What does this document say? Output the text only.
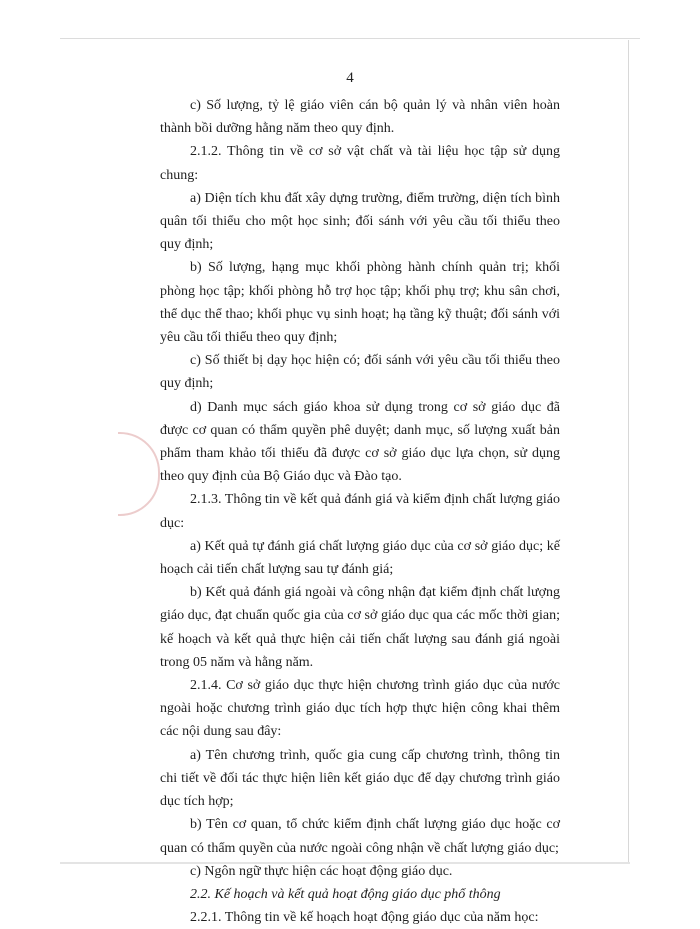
4

c) Số lượng, tỷ lệ giáo viên cán bộ quản lý và nhân viên hoàn thành bồi dưỡng hằng năm theo quy định.

2.1.2. Thông tin về cơ sở vật chất và tài liệu học tập sử dụng chung:

a) Diện tích khu đất xây dựng trường, điểm trường, diện tích bình quân tối thiểu cho một học sinh; đối sánh với yêu cầu tối thiểu theo quy định;

b) Số lượng, hạng mục khối phòng hành chính quản trị; khối phòng học tập; khối phòng hỗ trợ học tập; khối phụ trợ; khu sân chơi, thể dục thể thao; khối phục vụ sinh hoạt; hạ tầng kỹ thuật; đối sánh với yêu cầu tối thiểu theo quy định;

c) Số thiết bị dạy học hiện có; đối sánh với yêu cầu tối thiểu theo quy định;

d) Danh mục sách giáo khoa sử dụng trong cơ sở giáo dục đã được cơ quan có thẩm quyền phê duyệt; danh mục, số lượng xuất bản phẩm tham khảo tối thiểu đã được cơ sở giáo dục lựa chọn, sử dụng theo quy định của Bộ Giáo dục và Đào tạo.

2.1.3. Thông tin về kết quả đánh giá và kiểm định chất lượng giáo dục:

a) Kết quả tự đánh giá chất lượng giáo dục của cơ sở giáo dục; kế hoạch cải tiến chất lượng sau tự đánh giá;

b) Kết quả đánh giá ngoài và công nhận đạt kiểm định chất lượng giáo dục, đạt chuẩn quốc gia của cơ sở giáo dục qua các mốc thời gian; kế hoạch và kết quả thực hiện cải tiến chất lượng sau đánh giá ngoài trong 05 năm và hằng năm.

2.1.4. Cơ sở giáo dục thực hiện chương trình giáo dục của nước ngoài hoặc chương trình giáo dục tích hợp thực hiện công khai thêm các nội dung sau đây:

a) Tên chương trình, quốc gia cung cấp chương trình, thông tin chi tiết về đối tác thực hiện liên kết giáo dục để dạy chương trình giáo dục tích hợp;

b) Tên cơ quan, tổ chức kiểm định chất lượng giáo dục hoặc cơ quan có thẩm quyền của nước ngoài công nhận về chất lượng giáo dục;

c) Ngôn ngữ thực hiện các hoạt động giáo dục.

2.2. Kế hoạch và kết quả hoạt động giáo dục phổ thông

2.2.1. Thông tin về kế hoạch hoạt động giáo dục của năm học:
